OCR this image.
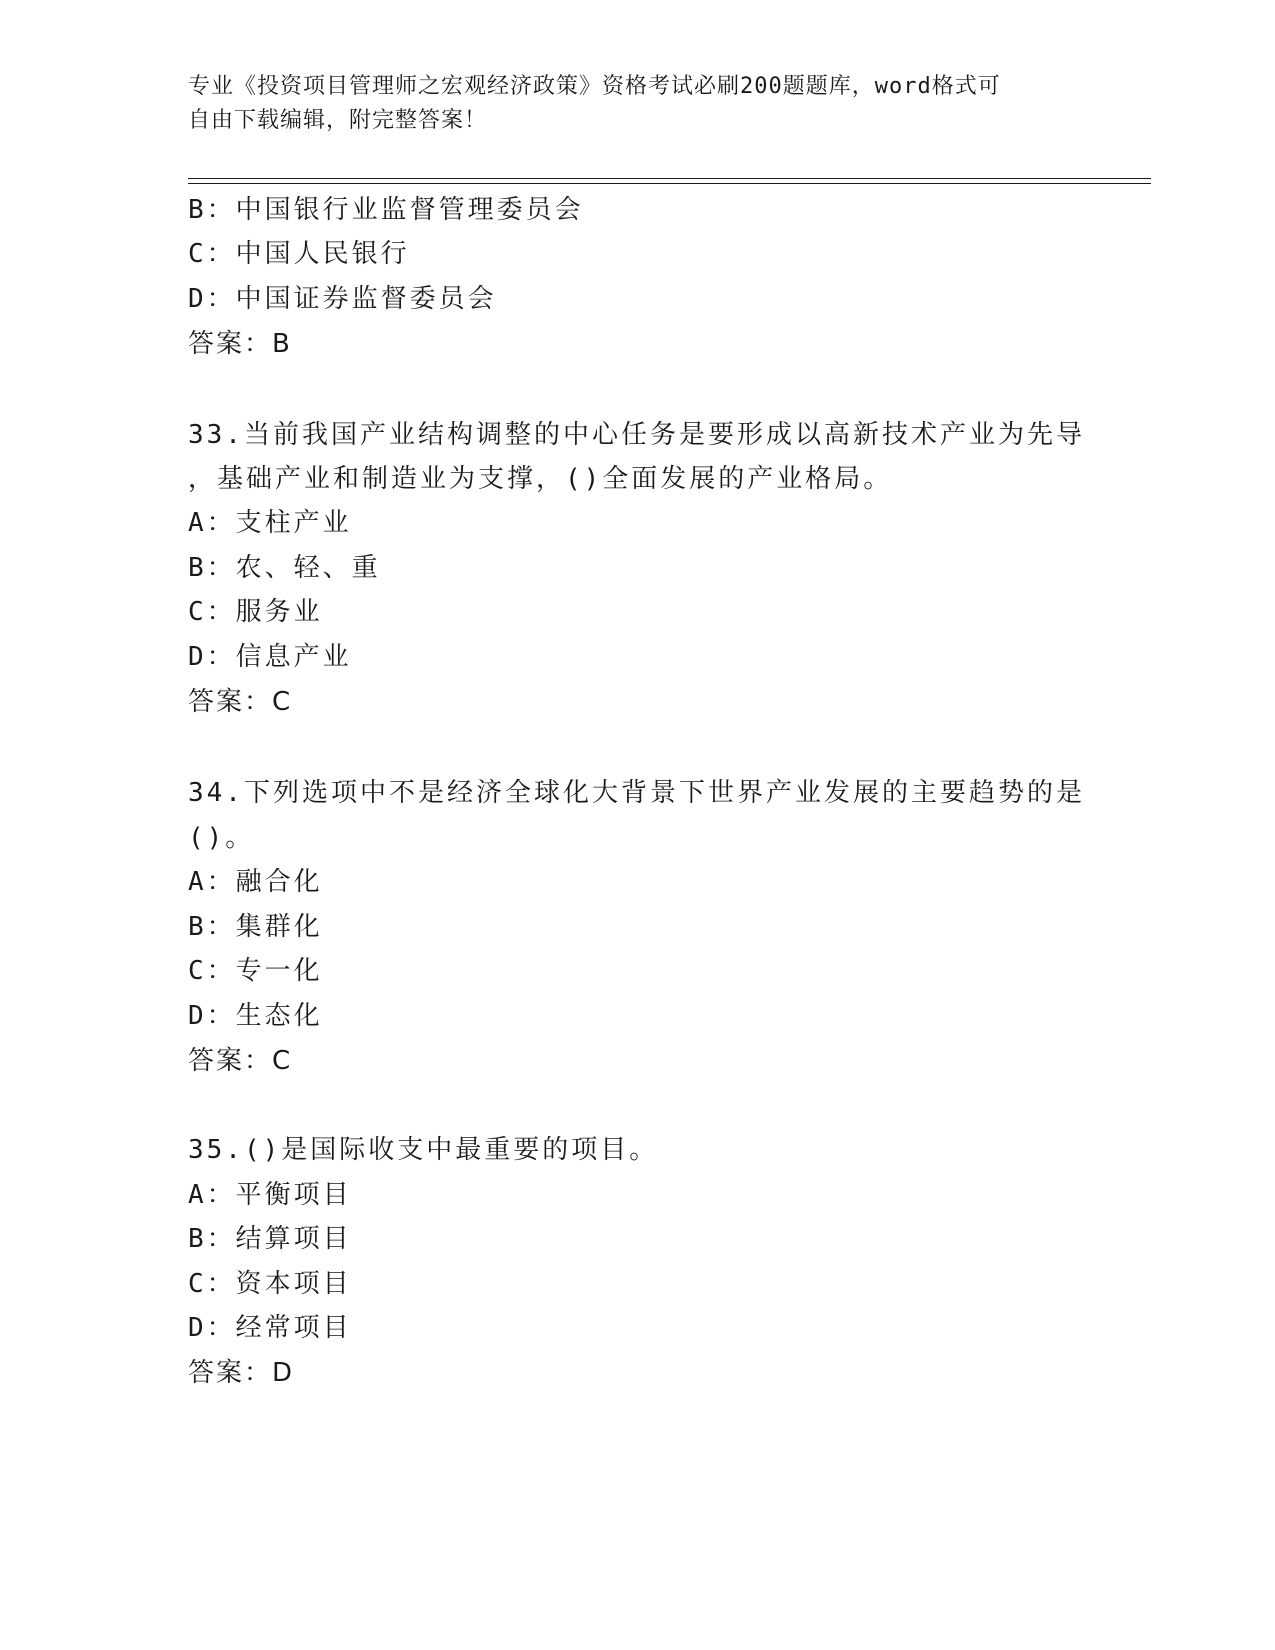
专业《投资项目管理师之宏观经济政策》资格考试必刷200题题库，word格式可
自由下载编辑，附完整答案！
B：中国银行业监督管理委员会
C：中国人民银行
D：中国证券监督委员会
答案：B
33.当前我国产业结构调整的中心任务是要形成以高新技术产业为先导
，基础产业和制造业为支撑，()全面发展的产业格局。
A：支柱产业
B：农、轻、重
C：服务业
D：信息产业
答案：C
34.下列选项中不是经济全球化大背景下世界产业发展的主要趋势的是
()。
A：融合化
B：集群化
C：专一化
D：生态化
答案：C
35.()是国际收支中最重要的项目。
A：平衡项目
B：结算项目
C：资本项目
D：经常项目
答案：D
